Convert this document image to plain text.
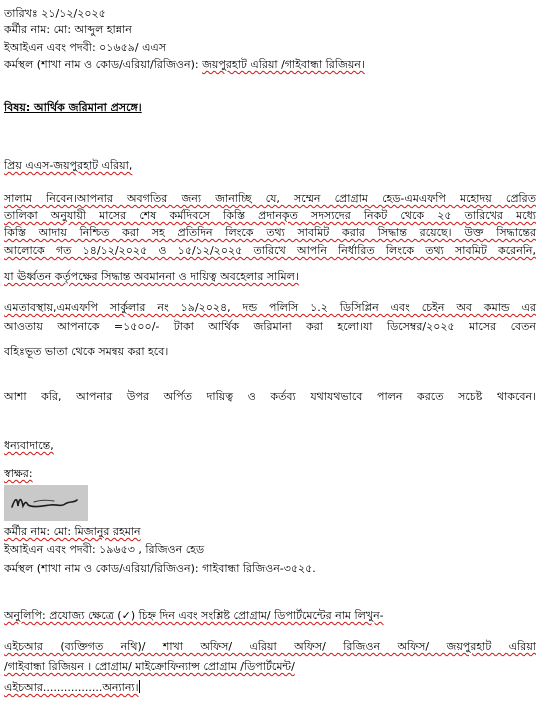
তারিখঃ ২১/১২/২০২৫
কর্মীর নাম: মো: আব্দুল হান্নান
ইআইএন এবং পদবী: ০১৬৫৯/ এএস
কর্মস্থল (শাখা নাম ও কোড/এরিয়া/রিজিওন): জয়পুরহাট এরিয়া /গাইবান্ধা রিজিয়ন।
বিষয়: আর্থিক জরিমানা প্রসঙ্গে।
প্রিয় এএস-জয়পুরহাট এরিয়া,
সালাম নিবেন।আপনার অবগতির জন্য জানাচ্ছি যে, সম্মেন প্রোগ্রাম হেড-এমএফপি মহোদয় প্রেরিত
তালিকা অনুযায়ী মাসের শেষ কর্মদিবসে কিস্তি প্রদানকৃত সদস্যদের নিকট থেকে ২৫ তারিখের মধ্যে
কিস্তি আদায় নিশ্চিত করা সহ প্রতিদিন লিংকে তথ্য সাবমিট করার সিদ্ধান্ত রয়েছে। উক্ত সিদ্ধান্তের
আলোকে গত ১৪/১২/২০২৫ ও ১৫/১২/২০২৫ তারিখে আপনি নির্ধারিত লিংকে তথ্য সাবমিট করেননি,
যা ঊর্ধ্বতন কর্তৃপক্ষের সিদ্ধান্ত অবমাননা ও দায়িত্ব অবহেলার সামিল।
এমতাবস্থায়,এমএফপি সার্কুলার নং ১৯/২০২৪, দন্ড পলিসি ১.২ ডিসিপ্লিন এবং চেইন অব কমান্ড এর
আওতায় আপনাকে =১৫০০/- টাকা আর্থিক জরিমানা করা হলো।যা ডিসেম্বর/২০২৫ মাসের বেতন
বহিঃভূত ভাতা থেকে সমন্বয় করা হবে।
আশা করি, আপনার উপর অর্পিত দায়িত্ব ও কর্তব্য যথাযথভাবে পালন করতে সচেষ্ট থাকবেন।
ধন্যবাদান্তে,
স্বাক্ষর:
কর্মীর নাম: মো: মিজানুর রহমান
ইআইএন এবং পদবী: ১৯৬৫৩ , রিজিওন হেড
কর্মস্থল (শাখা নাম ও কোড/এরিয়া/রিজিওন): গাইবান্ধা রিজিওন-৩৫২৫.
অনুলিপি: প্রযোজ্য ক্ষেত্রে (✓) চিহ্ন দিন এবং সংশ্লিষ্ট প্রোগ্রাম/ ডিপার্টমেন্টের নাম লিখুন-
এইচআর (ব্যক্তিগত নথি)/ শাখা অফিস/ এরিয়া অফিস/ রিজিওন অফিস/ জয়পুরহাট এরিয়া
/গাইবান্ধা রিজিয়ন । প্রোগ্রাম/ মাইক্রোফিন্যান্স প্রোগ্রাম /ডিপার্টমেন্ট/
এইচআর.................অন্যান্য।
